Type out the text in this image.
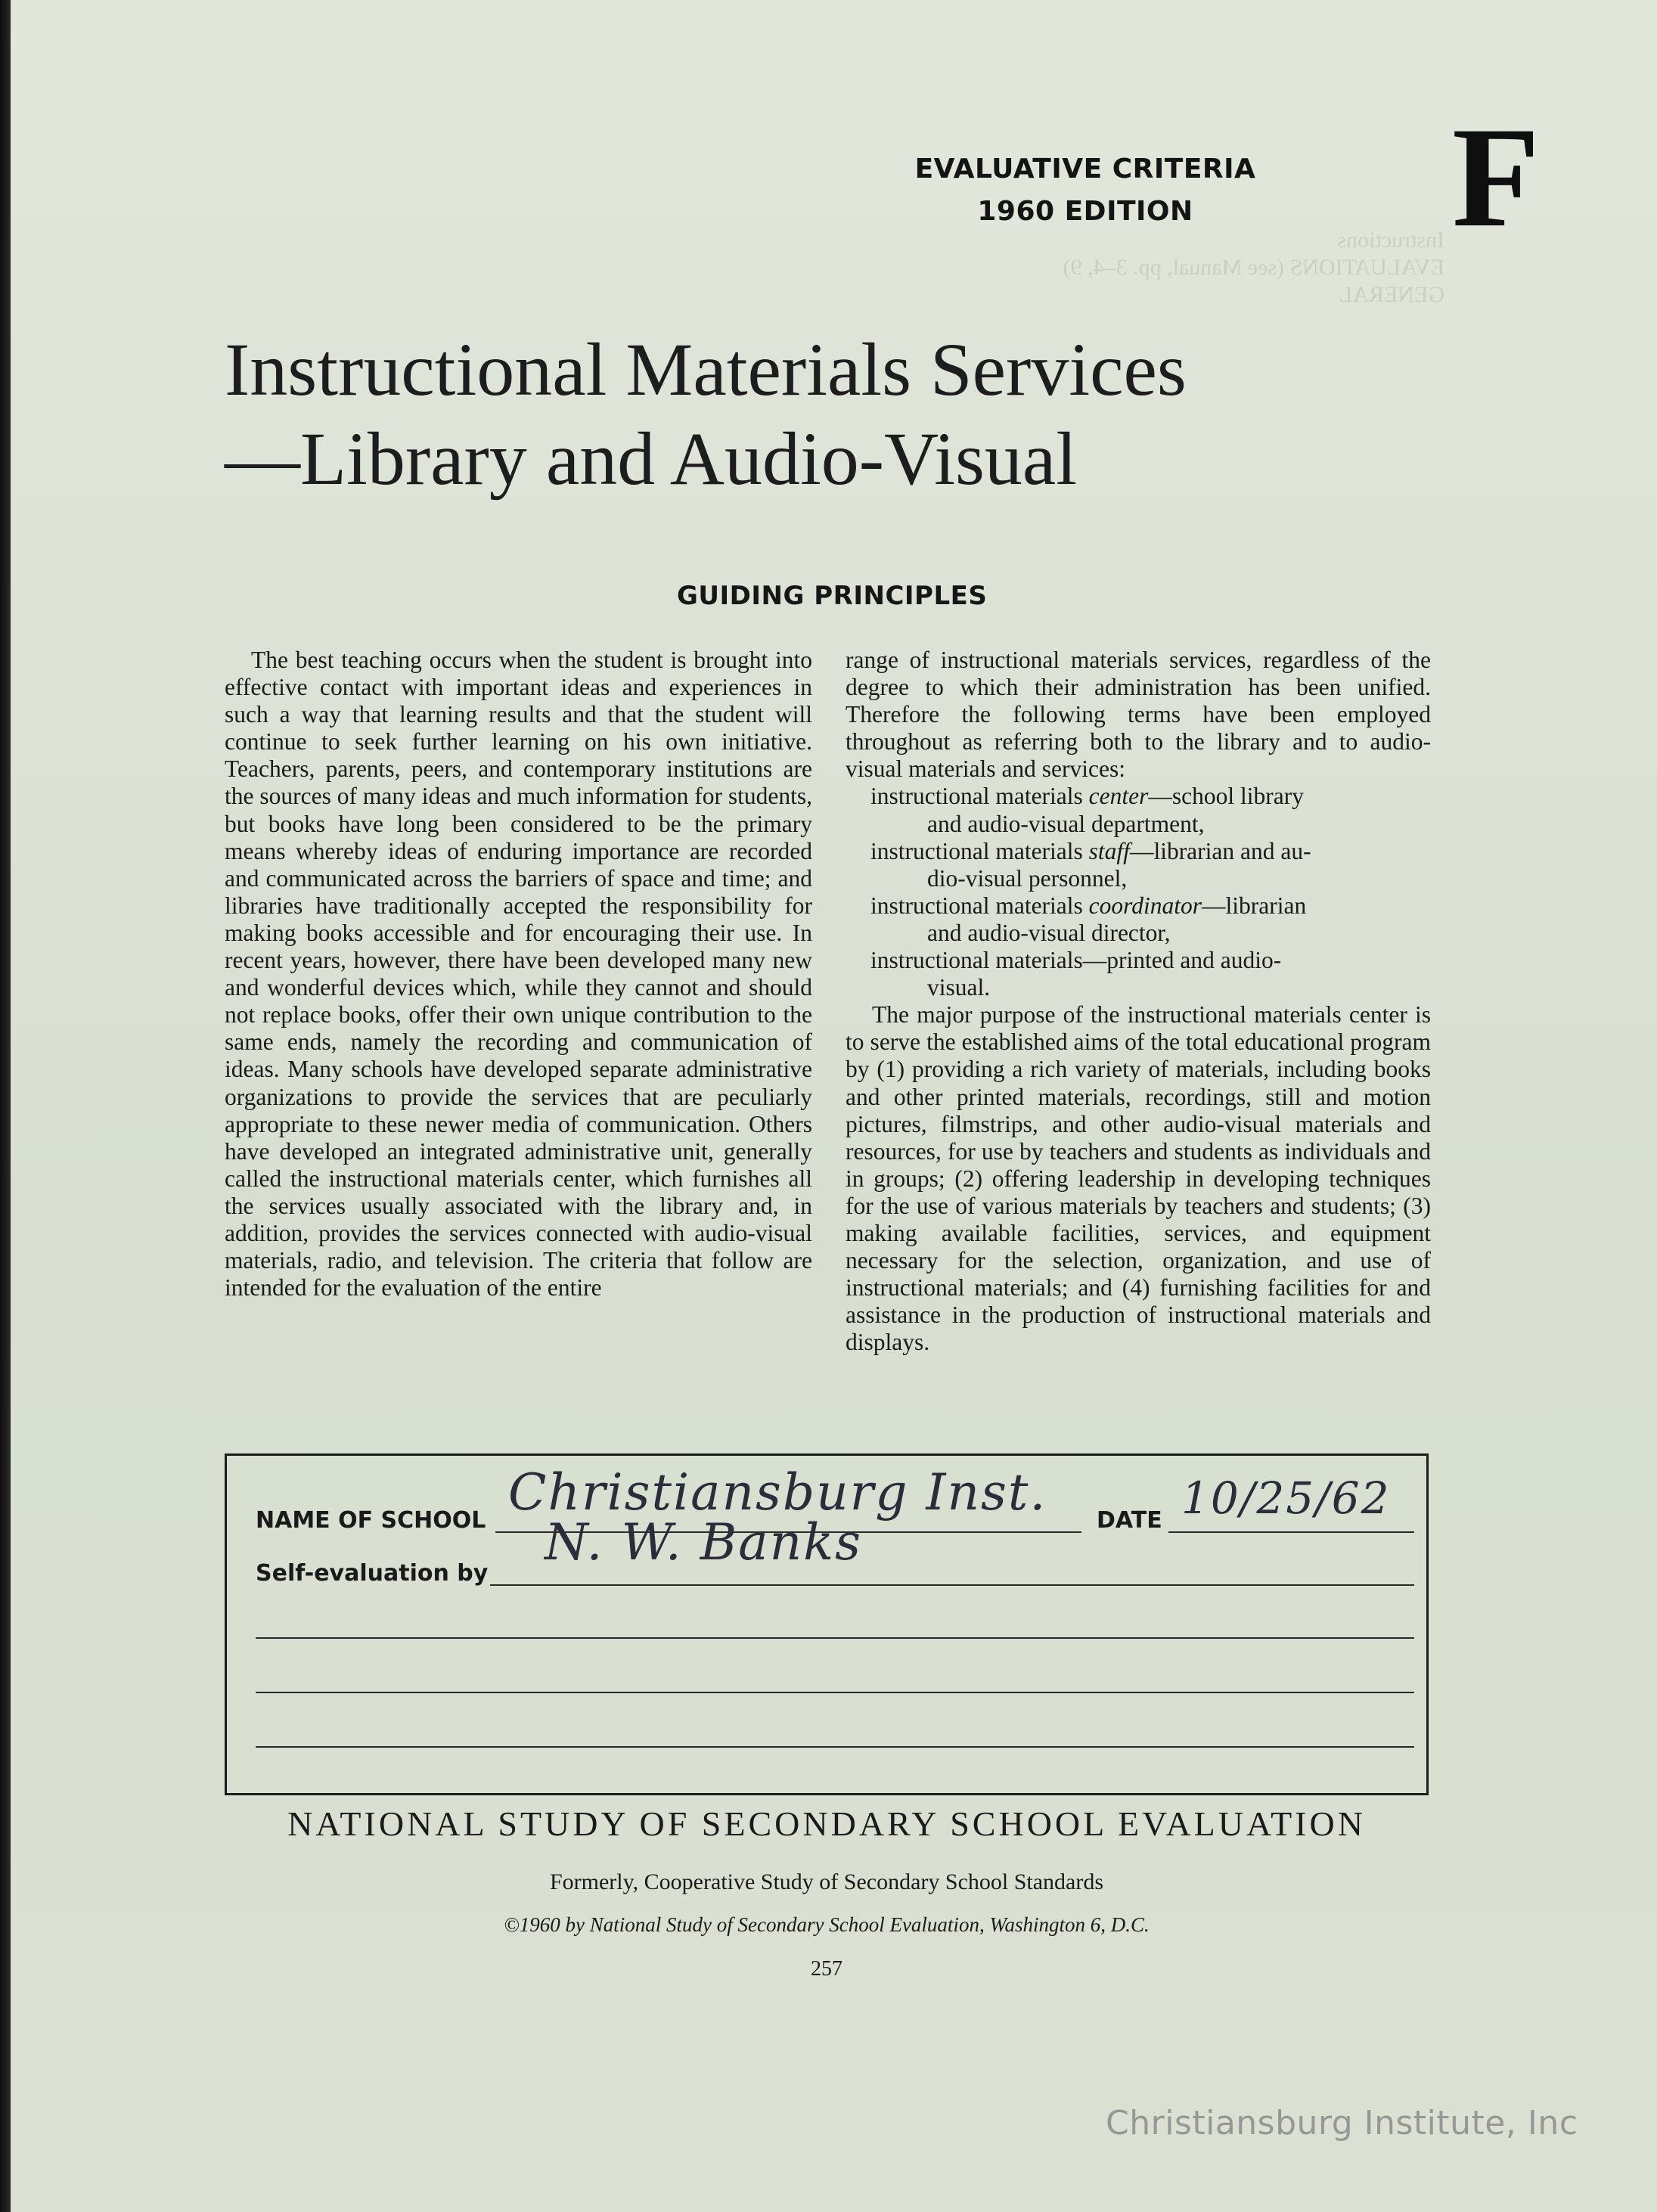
Instructions
EVALUATIONS (see Manual, pp. 3–4, 9)
GENERAL
EVALUATIVE CRITERIA
1960 EDITION	F
Instructional Materials Services
—Library and Audio-Visual
GUIDING PRINCIPLES

The best teaching occurs when the student is brought into effective contact with important ideas and experiences in such a way that learning results and that the student will continue to seek further learning on his own initiative. Teachers, parents, peers, and contemporary institutions are the sources of many ideas and much information for students, but books have long been considered to be the primary means whereby ideas of enduring importance are recorded and communicated across the barriers of space and time; and libraries have traditionally accepted the responsibility for making books accessible and for encouraging their use. In recent years, however, there have been developed many new and wonderful devices which, while they cannot and should not replace books, offer their own unique contribution to the same ends, namely the recording and communication of ideas. Many schools have developed separate administrative organizations to provide the services that are peculiarly appropriate to these newer media of communication. Others have developed an integrated administrative unit, generally called the instructional materials center, which furnishes all the services usually associated with the library and, in addition, provides the services connected with audio-visual materials, radio, and television. The criteria that follow are intended for the evaluation of the entire

range of instructional materials services, regardless of the degree to which their administration has been unified. Therefore the following terms have been employed throughout as referring both to the library and to audio-visual materials and services:

instructional materials center—school library
and audio-visual department,
instructional materials staff—librarian and au-
dio-visual personnel,
instructional materials coordinator—librarian
and audio-visual director,
instructional materials—printed and audio-
visual.

The major purpose of the instructional materials center is to serve the established aims of the total educational program by (1) providing a rich variety of materials, including books and other printed materials, recordings, still and motion pictures, filmstrips, and other audio-visual materials and resources, for use by teachers and students as individuals and in groups; (2) offering leadership in developing techniques for the use of various materials by teachers and students; (3) making available facilities, services, and equipment necessary for the selection, organization, and use of instructional materials; and (4) furnishing facilities for and assistance in the production of instructional materials and displays.

NAME OF SCHOOL Christiansburg Inst. DATE 10/25/62
Self-evaluation by
N. W. Banks
NATIONAL STUDY OF SECONDARY SCHOOL EVALUATION
Formerly, Cooperative Study of Secondary School Standards
©1960 by National Study of Secondary School Evaluation, Washington 6, D.C.
257
Christiansburg Institute, Inc
